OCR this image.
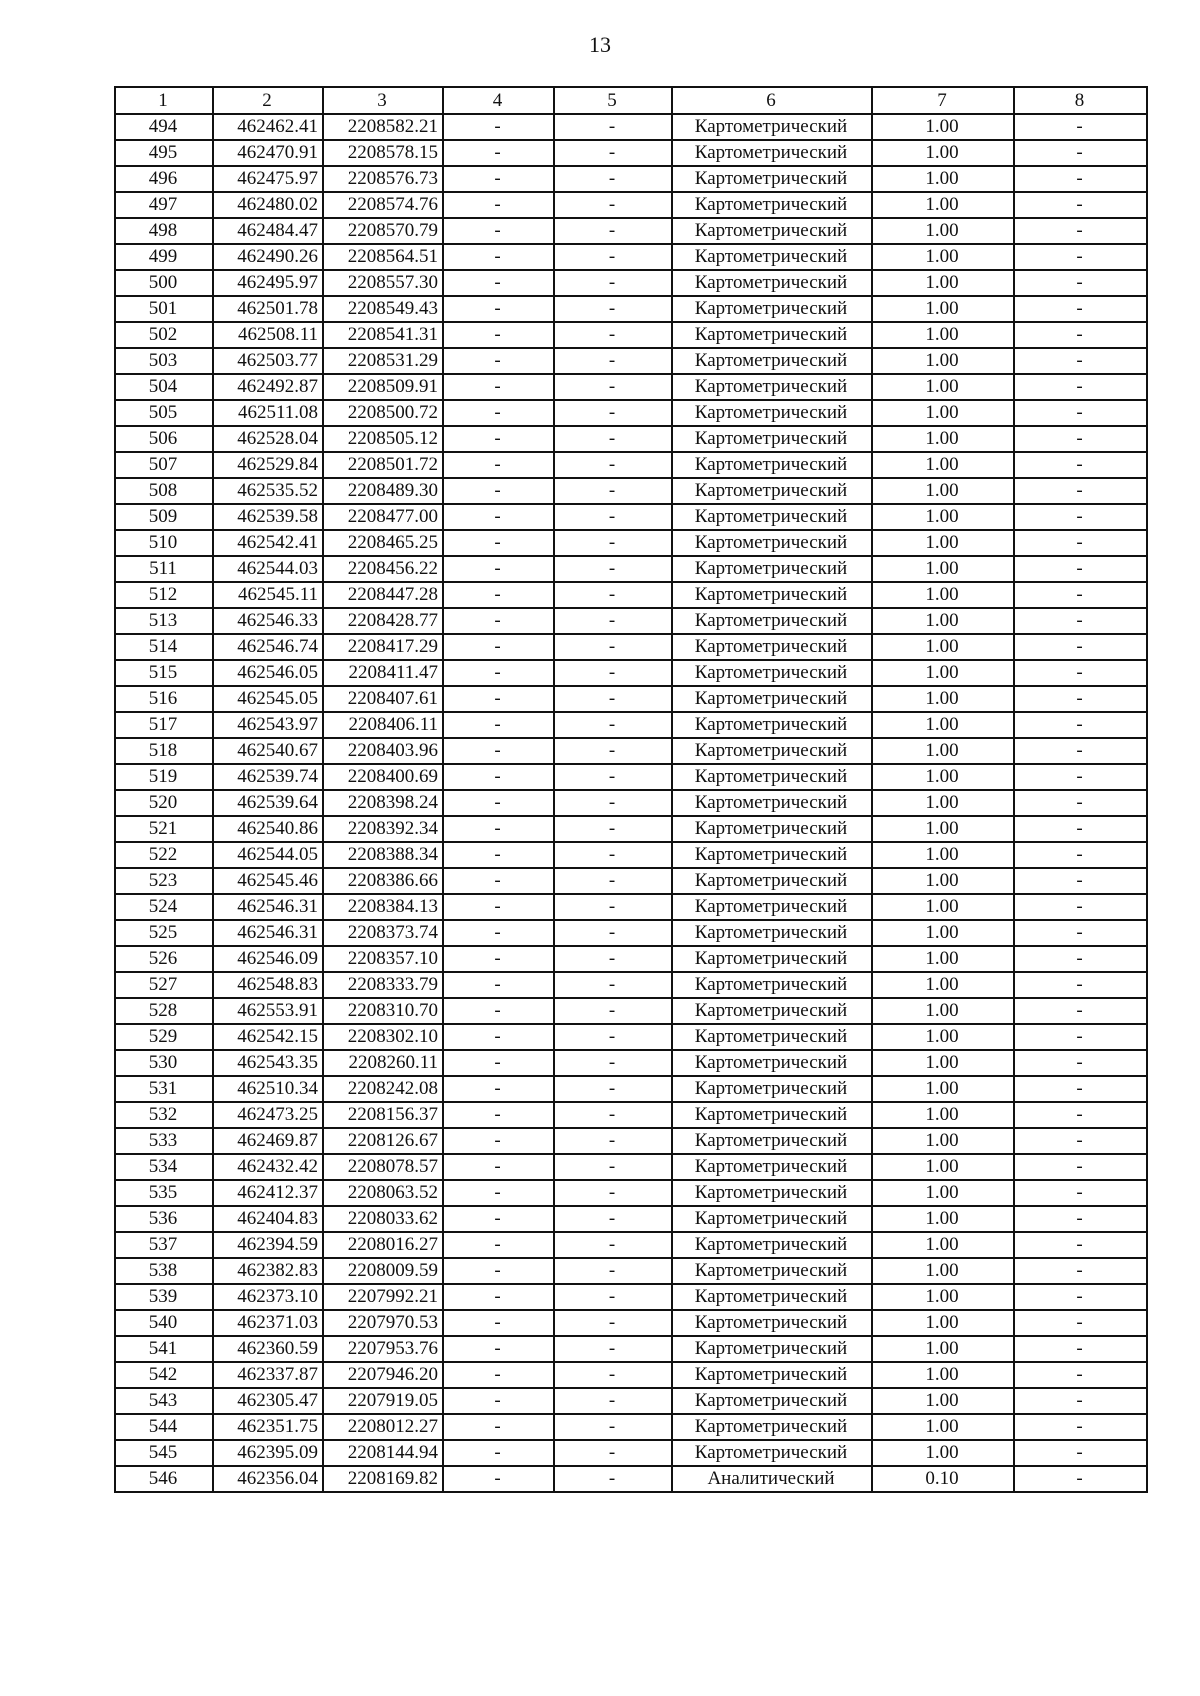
13
1	2	3	4	5	6	7	8
494	462462.41	2208582.21	-	-	Картометрический	1.00	-
495	462470.91	2208578.15	-	-	Картометрический	1.00	-
496	462475.97	2208576.73	-	-	Картометрический	1.00	-
497	462480.02	2208574.76	-	-	Картометрический	1.00	-
498	462484.47	2208570.79	-	-	Картометрический	1.00	-
499	462490.26	2208564.51	-	-	Картометрический	1.00	-
500	462495.97	2208557.30	-	-	Картометрический	1.00	-
501	462501.78	2208549.43	-	-	Картометрический	1.00	-
502	462508.11	2208541.31	-	-	Картометрический	1.00	-
503	462503.77	2208531.29	-	-	Картометрический	1.00	-
504	462492.87	2208509.91	-	-	Картометрический	1.00	-
505	462511.08	2208500.72	-	-	Картометрический	1.00	-
506	462528.04	2208505.12	-	-	Картометрический	1.00	-
507	462529.84	2208501.72	-	-	Картометрический	1.00	-
508	462535.52	2208489.30	-	-	Картометрический	1.00	-
509	462539.58	2208477.00	-	-	Картометрический	1.00	-
510	462542.41	2208465.25	-	-	Картометрический	1.00	-
511	462544.03	2208456.22	-	-	Картометрический	1.00	-
512	462545.11	2208447.28	-	-	Картометрический	1.00	-
513	462546.33	2208428.77	-	-	Картометрический	1.00	-
514	462546.74	2208417.29	-	-	Картометрический	1.00	-
515	462546.05	2208411.47	-	-	Картометрический	1.00	-
516	462545.05	2208407.61	-	-	Картометрический	1.00	-
517	462543.97	2208406.11	-	-	Картометрический	1.00	-
518	462540.67	2208403.96	-	-	Картометрический	1.00	-
519	462539.74	2208400.69	-	-	Картометрический	1.00	-
520	462539.64	2208398.24	-	-	Картометрический	1.00	-
521	462540.86	2208392.34	-	-	Картометрический	1.00	-
522	462544.05	2208388.34	-	-	Картометрический	1.00	-
523	462545.46	2208386.66	-	-	Картометрический	1.00	-
524	462546.31	2208384.13	-	-	Картометрический	1.00	-
525	462546.31	2208373.74	-	-	Картометрический	1.00	-
526	462546.09	2208357.10	-	-	Картометрический	1.00	-
527	462548.83	2208333.79	-	-	Картометрический	1.00	-
528	462553.91	2208310.70	-	-	Картометрический	1.00	-
529	462542.15	2208302.10	-	-	Картометрический	1.00	-
530	462543.35	2208260.11	-	-	Картометрический	1.00	-
531	462510.34	2208242.08	-	-	Картометрический	1.00	-
532	462473.25	2208156.37	-	-	Картометрический	1.00	-
533	462469.87	2208126.67	-	-	Картометрический	1.00	-
534	462432.42	2208078.57	-	-	Картометрический	1.00	-
535	462412.37	2208063.52	-	-	Картометрический	1.00	-
536	462404.83	2208033.62	-	-	Картометрический	1.00	-
537	462394.59	2208016.27	-	-	Картометрический	1.00	-
538	462382.83	2208009.59	-	-	Картометрический	1.00	-
539	462373.10	2207992.21	-	-	Картометрический	1.00	-
540	462371.03	2207970.53	-	-	Картометрический	1.00	-
541	462360.59	2207953.76	-	-	Картометрический	1.00	-
542	462337.87	2207946.20	-	-	Картометрический	1.00	-
543	462305.47	2207919.05	-	-	Картометрический	1.00	-
544	462351.75	2208012.27	-	-	Картометрический	1.00	-
545	462395.09	2208144.94	-	-	Картометрический	1.00	-
546	462356.04	2208169.82	-	-	Аналитический	0.10	-
